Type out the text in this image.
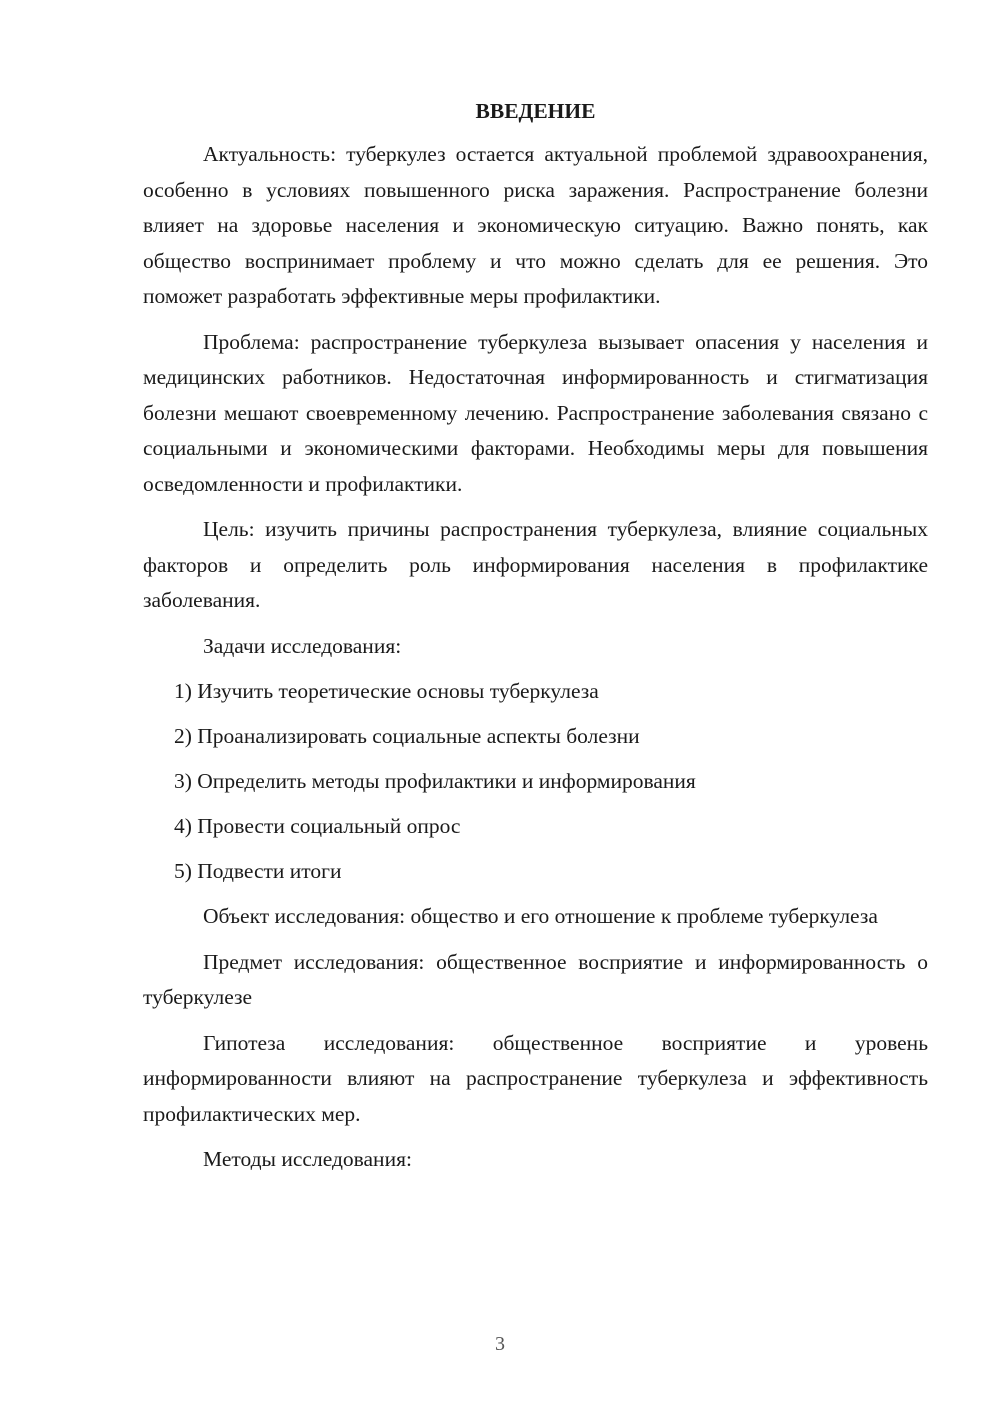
ВВЕДЕНИЕ

Актуальность: туберкулез остается актуальной проблемой здравоохранения, особенно в условиях повышенного риска заражения. Распространение болезни влияет на здоровье населения и экономическую ситуацию. Важно понять, как общество воспринимает проблему и что можно сделать для ее решения. Это поможет разработать эффективные меры профилактики.

Проблема: распространение туберкулеза вызывает опасения у населения и медицинских работников. Недостаточная информированность и стигматизация болезни мешают своевременному лечению. Распространение заболевания связано с социальными и экономическими факторами. Необходимы меры для повышения осведомленности и профилактики.

Цель: изучить причины распространения туберкулеза, влияние социальных факторов и определить роль информирования населения в профилактике заболевания.

Задачи исследования:

1) Изучить теоретические основы туберкулеза

2) Проанализировать социальные аспекты болезни

3) Определить методы профилактики и информирования

4) Провести социальный опрос

5) Подвести итоги

Объект исследования: общество и его отношение к проблеме туберкулеза

Предмет исследования: общественное восприятие и информированность о туберкулезе

Гипотеза исследования: общественное восприятие и уровень информированности влияют на распространение туберкулеза и эффективность профилактических мер.

Методы исследования:

3
